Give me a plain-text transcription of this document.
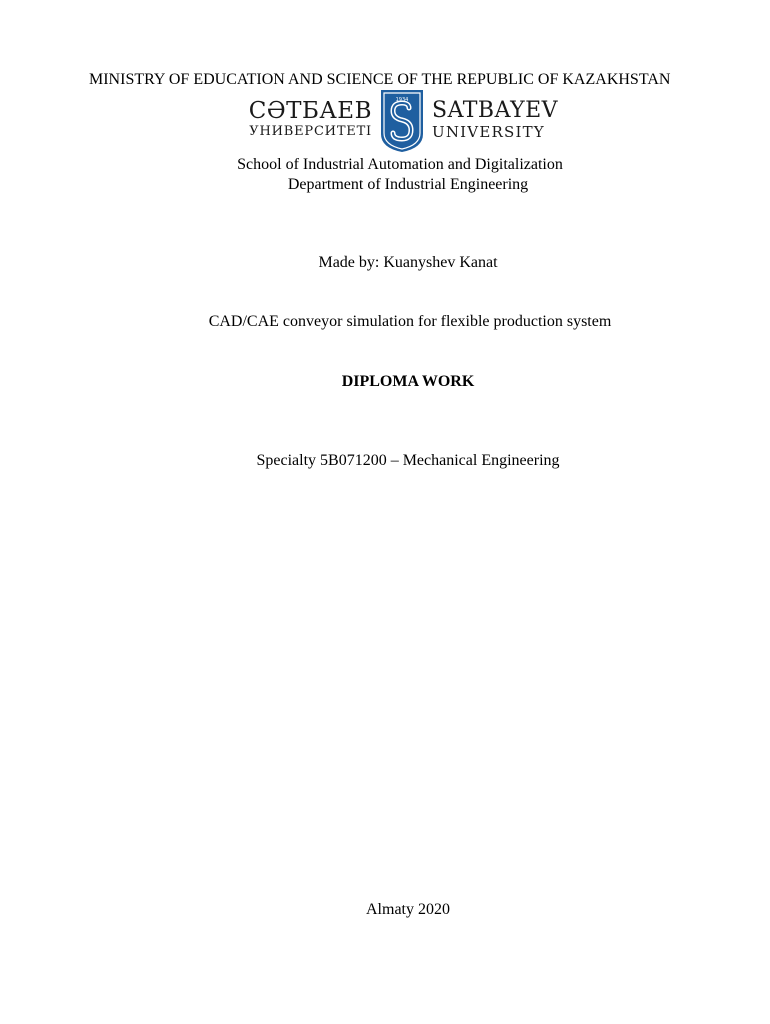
MINISTRY OF EDUCATION AND SCIENCE OF THE REPUBLIC OF KAZAKHSTAN
СӘТБАЕВ
УНИВЕРСИТЕТІ
1934 SATBAYEV
UNIVERSITY
School of Industrial Automation and Digitalization
Department of Industrial Engineering
Made by: Kuanyshev Kanat
CAD/CAE conveyor simulation for flexible production system
DIPLOMA WORK
Specialty 5B071200 – Mechanical Engineering
Almaty 2020
